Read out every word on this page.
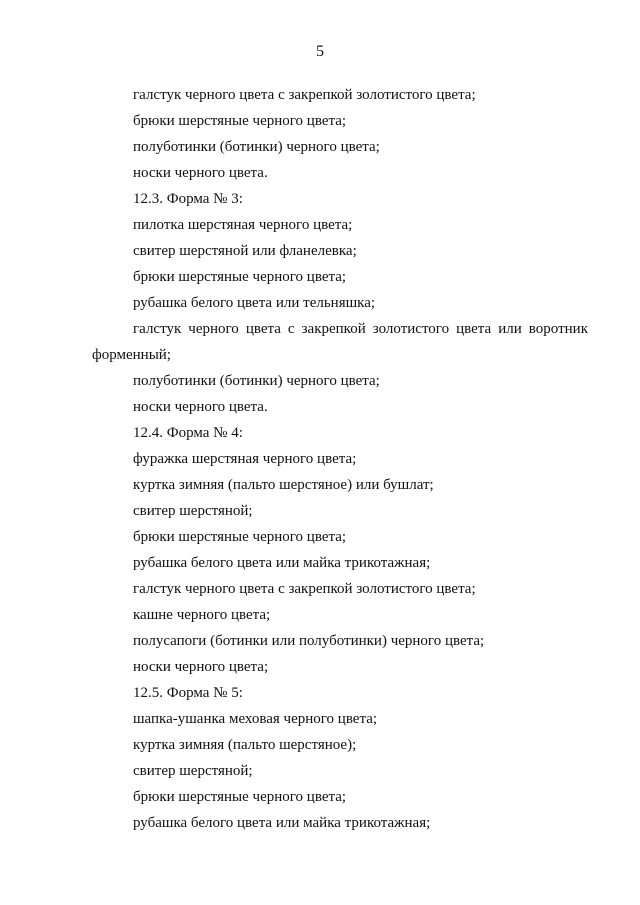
5
галстук черного цвета с закрепкой золотистого цвета;
брюки шерстяные черного цвета;
полуботинки (ботинки) черного цвета;
носки черного цвета.
12.3. Форма № 3:
пилотка шерстяная черного цвета;
свитер шерстяной или фланелевка;
брюки шерстяные черного цвета;
рубашка белого цвета или тельняшка;
галстук черного цвета с закрепкой золотистого цвета или воротник
форменный;
полуботинки (ботинки) черного цвета;
носки черного цвета.
12.4. Форма № 4:
фуражка шерстяная черного цвета;
куртка зимняя (пальто шерстяное) или бушлат;
свитер шерстяной;
брюки шерстяные черного цвета;
рубашка белого цвета или майка трикотажная;
галстук черного цвета с закрепкой золотистого цвета;
кашне черного цвета;
полусапоги (ботинки или полуботинки) черного цвета;
носки черного цвета;
12.5. Форма № 5:
шапка-ушанка меховая черного цвета;
куртка зимняя (пальто шерстяное);
свитер шерстяной;
брюки шерстяные черного цвета;
рубашка белого цвета или майка трикотажная;
